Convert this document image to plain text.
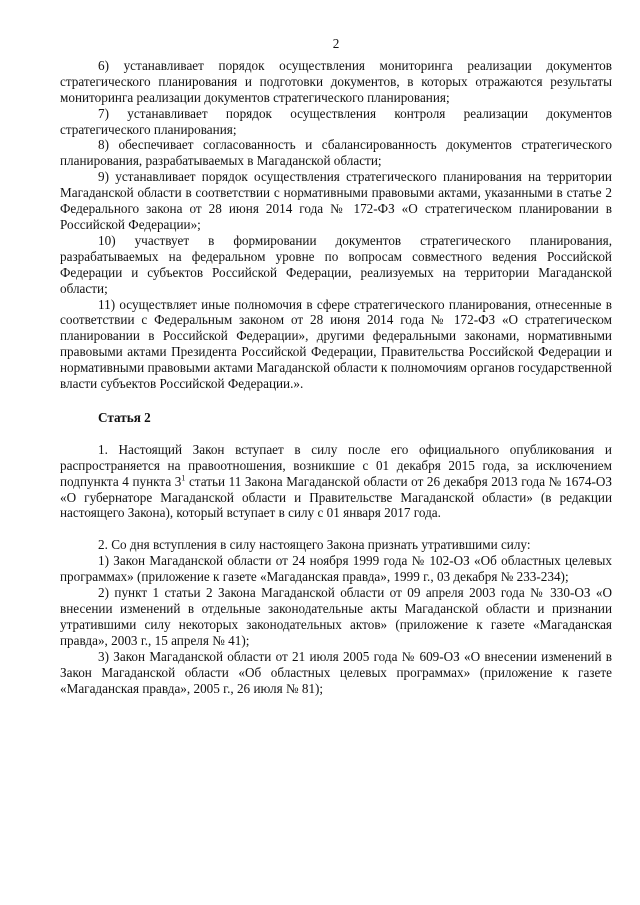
2

6) устанавливает порядок осуществления мониторинга реализации документов стратегического планирования и подготовки документов, в которых отражаются результаты мониторинга реализации документов стратегического планирования;

7) устанавливает порядок осуществления контроля реализации документов стратегического планирования;

8) обеспечивает согласованность и сбалансированность документов стратегического планирования, разрабатываемых в Магаданской области;

9) устанавливает порядок осуществления стратегического планирования на территории Магаданской области в соответствии с нормативными правовыми актами, указанными в статье 2 Федерального закона от 28 июня 2014 года № 172-ФЗ «О стратегическом планировании в Российской Федерации»;

10) участвует в формировании документов стратегического планирования, разрабатываемых на федеральном уровне по вопросам совместного ведения Российской Федерации и субъектов Российской Федерации, реализуемых на территории Магаданской области;

11) осуществляет иные полномочия в сфере стратегического планирования, отнесенные в соответствии с Федеральным законом от 28 июня 2014 года № 172-ФЗ «О стратегическом планировании в Российской Федерации», другими федеральными законами, нормативными правовыми актами Президента Российской Федерации, Правительства Российской Федерации и нормативными правовыми актами Магаданской области к полномочиям органов государственной власти субъектов Российской Федерации.».

Статья 2

1. Настоящий Закон вступает в силу после его официального опубликования и распространяется на правоотношения, возникшие с 01 декабря 2015 года, за исключением подпункта 4 пункта $3^1$ статьи 11 Закона Магаданской области от 26 декабря 2013 года № 1674-ОЗ «О губернаторе Магаданской области и Правительстве Магаданской области» (в редакции настоящего Закона), который вступает в силу с 01 января 2017 года.

2. Со дня вступления в силу настоящего Закона признать утратившими силу:

1) Закон Магаданской области от 24 ноября 1999 года № 102-ОЗ «Об областных целевых программах» (приложение к газете «Магаданская правда», 1999 г., 03 декабря № 233-234);

2) пункт 1 статьи 2 Закона Магаданской области от 09 апреля 2003 года № 330-ОЗ «О внесении изменений в отдельные законодательные акты Магаданской области и признании утратившими силу некоторых законодательных актов» (приложение к газете «Магаданская правда», 2003 г., 15 апреля № 41);

3) Закон Магаданской области от 21 июля 2005 года № 609-ОЗ «О внесении изменений в Закон Магаданской области «Об областных целевых программах» (приложение к газете «Магаданская правда», 2005 г., 26 июля № 81);
